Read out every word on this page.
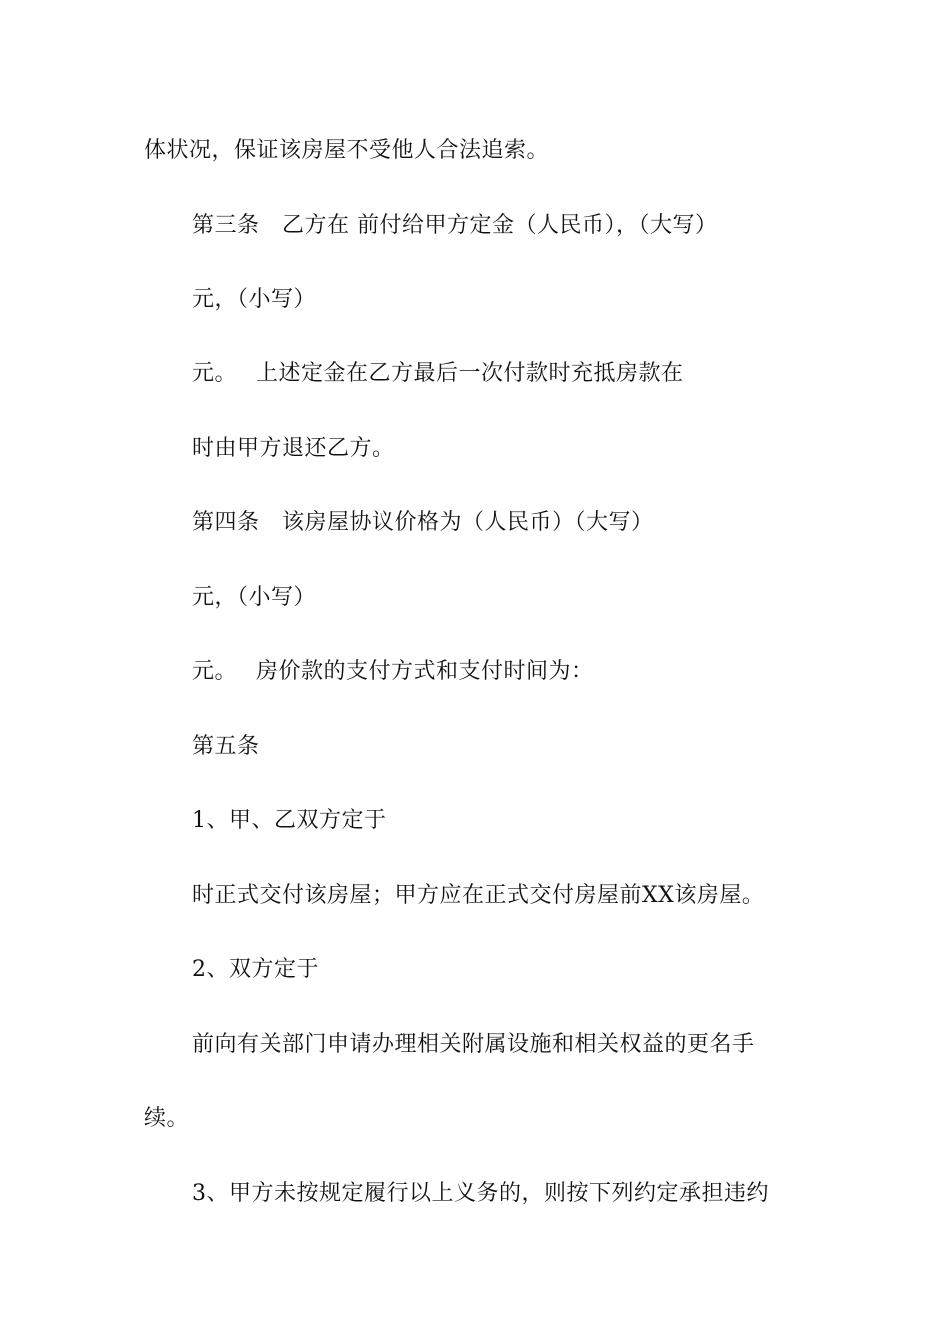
体状况，保证该房屋不受他人合法追索。
第三条　乙方在 前付给甲方定金（人民币），（大写）
元，（小写）
元。　 上述定金在乙方最后一次付款时充抵房款在
时由甲方退还乙方。
第四条　该房屋协议价格为（人民币）（大写）
元，（小写）
元。　 房价款的支付方式和支付时间为：
第五条
1、甲、乙双方定于
时正式交付该房屋；甲方应在正式交付房屋前XX该房屋。
2、双方定于
前向有关部门申请办理相关附属设施和相关权益的更名手
续。
3、甲方未按规定履行以上义务的，则按下列约定承担违约
